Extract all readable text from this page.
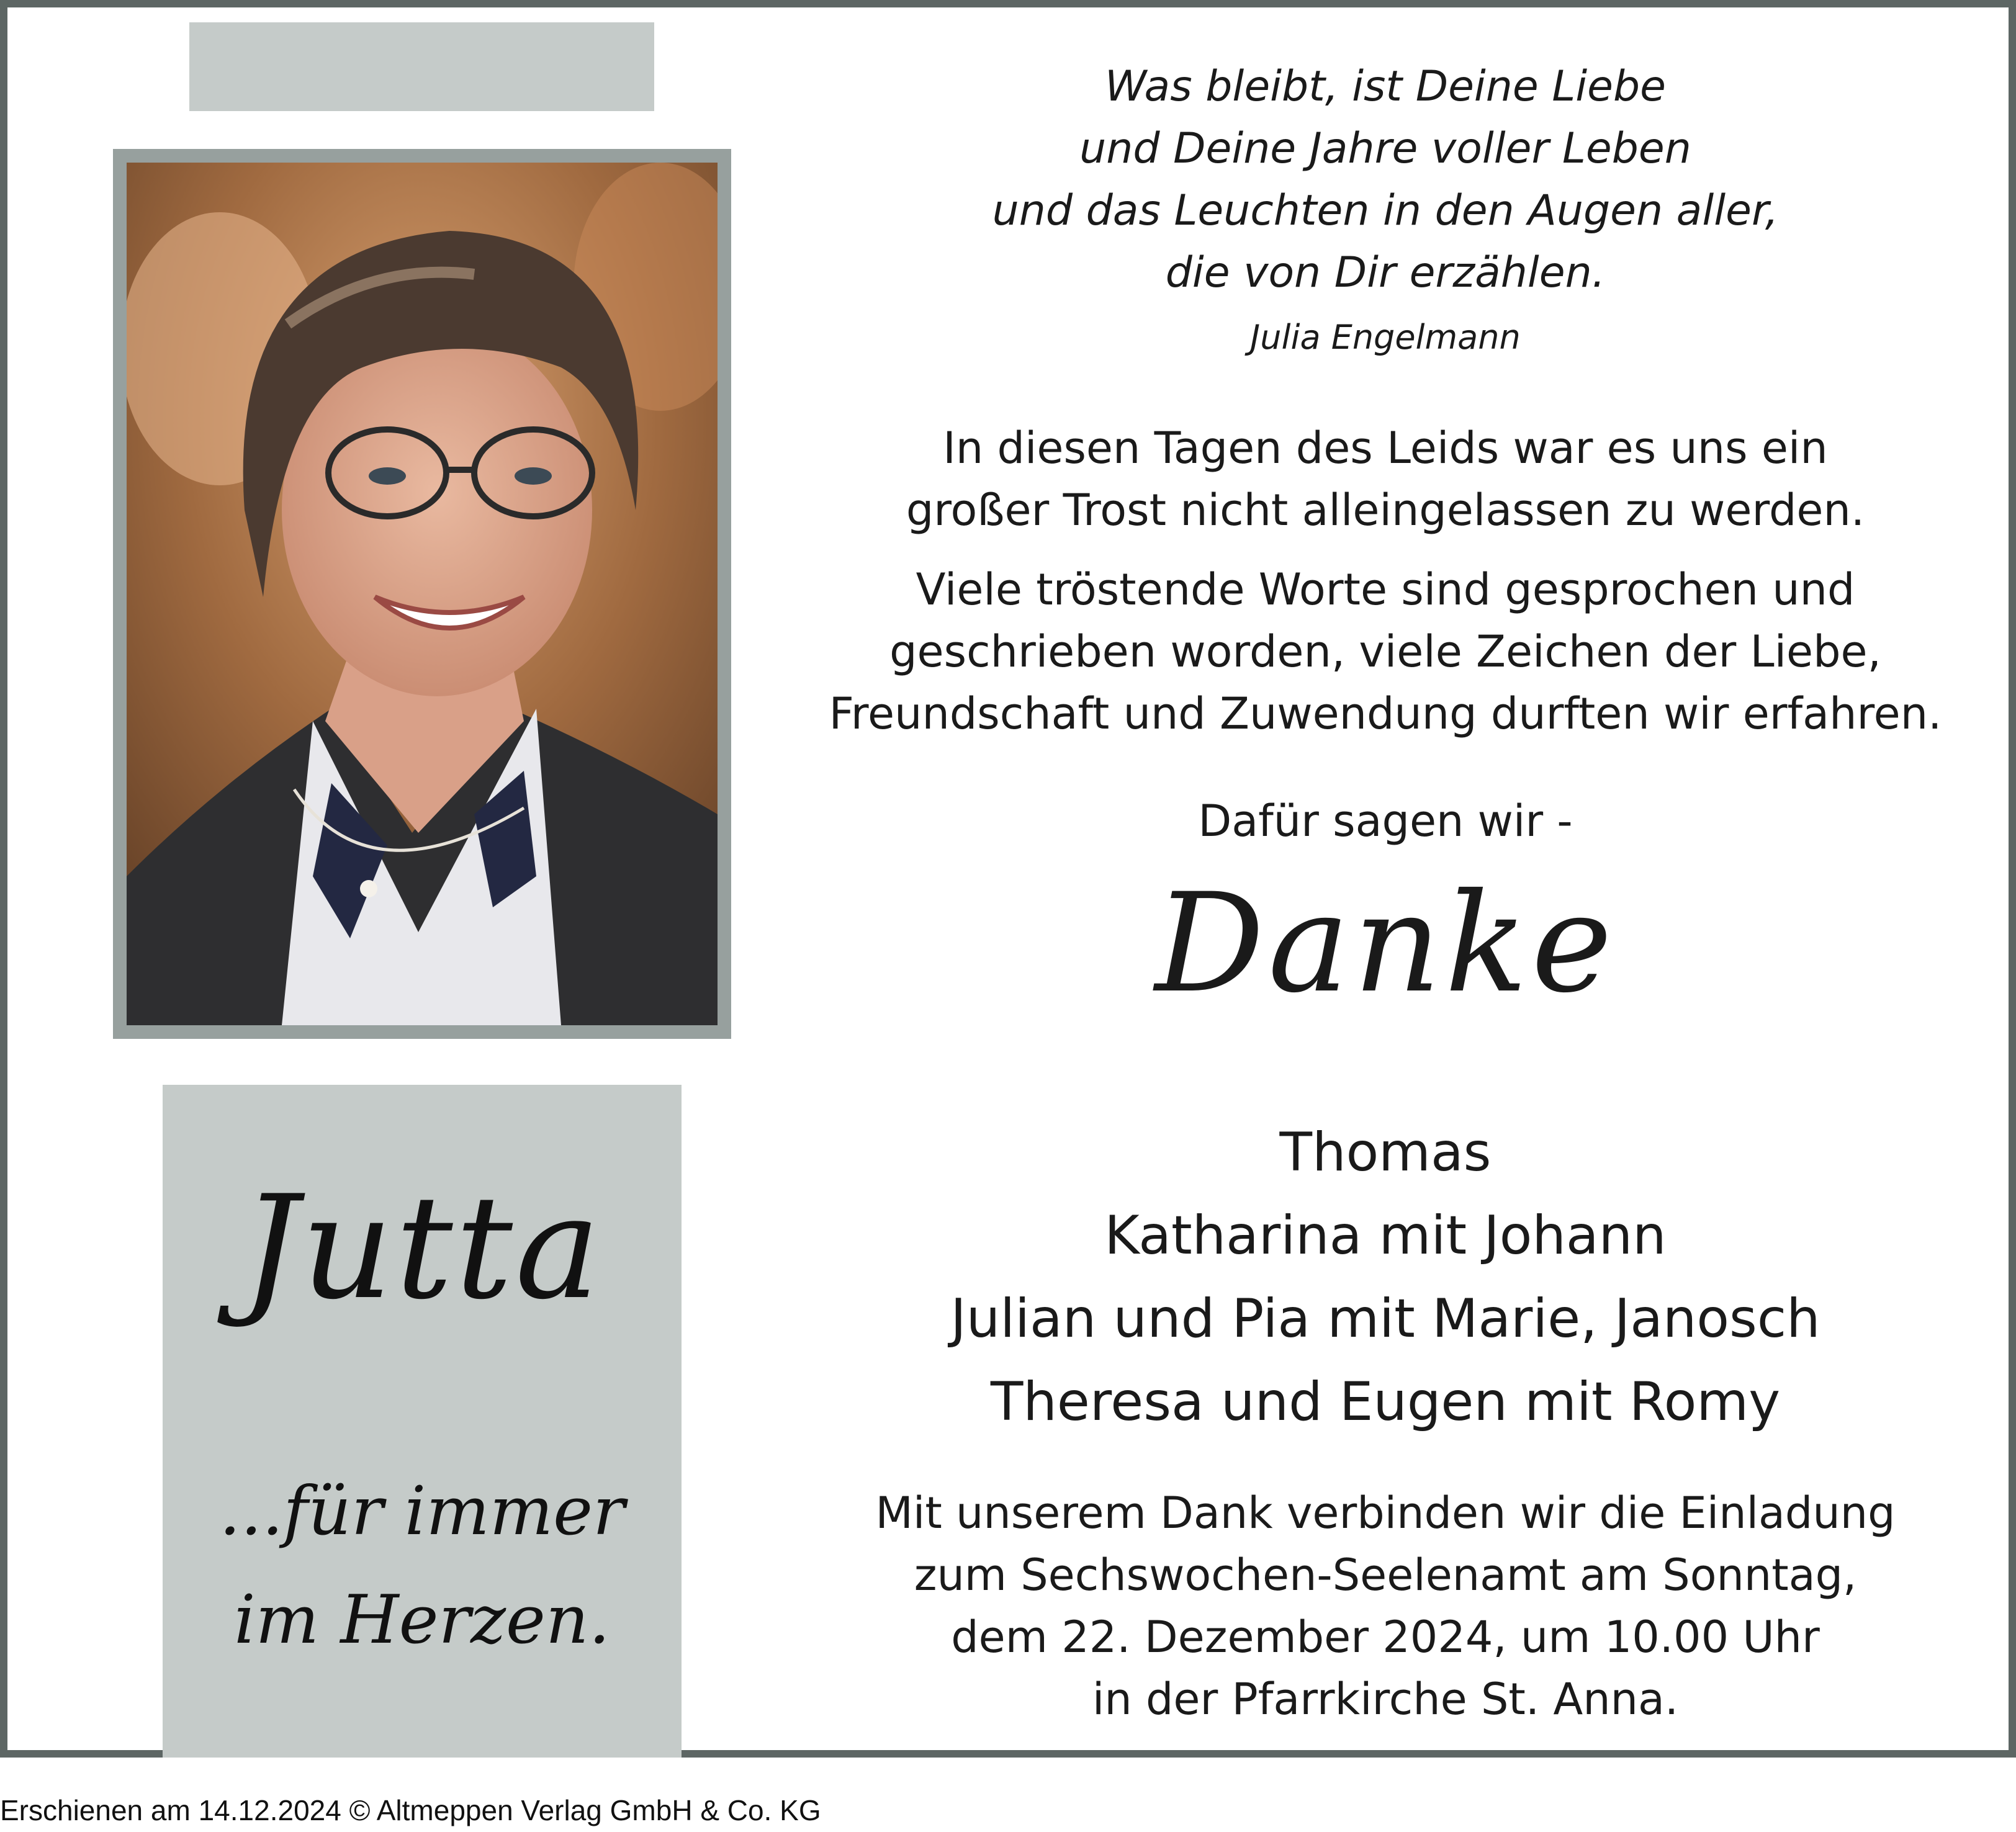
Jutta
...für immer
im Herzen.
Was bleibt, ist Deine Liebe
und Deine Jahre voller Leben
und das Leuchten in den Augen aller,
die von Dir erzählen.
Julia Engelmann
In diesen Tagen des Leids war es uns ein
großer Trost nicht alleingelassen zu werden.
Viele tröstende Worte sind gesprochen und
geschrieben worden, viele Zeichen der Liebe,
Freundschaft und Zuwendung durften wir erfahren.
Dafür sagen wir -
Danke
Thomas
Katharina mit Johann
Julian und Pia mit Marie, Janosch
Theresa und Eugen mit Romy
Mit unserem Dank verbinden wir die Einladung
zum Sechswochen-Seelenamt am Sonntag,
dem 22. Dezember 2024, um 10.00 Uhr
in der Pfarrkirche St. Anna.
Erschienen am 14.12.2024 © Altmeppen Verlag GmbH & Co. KG
